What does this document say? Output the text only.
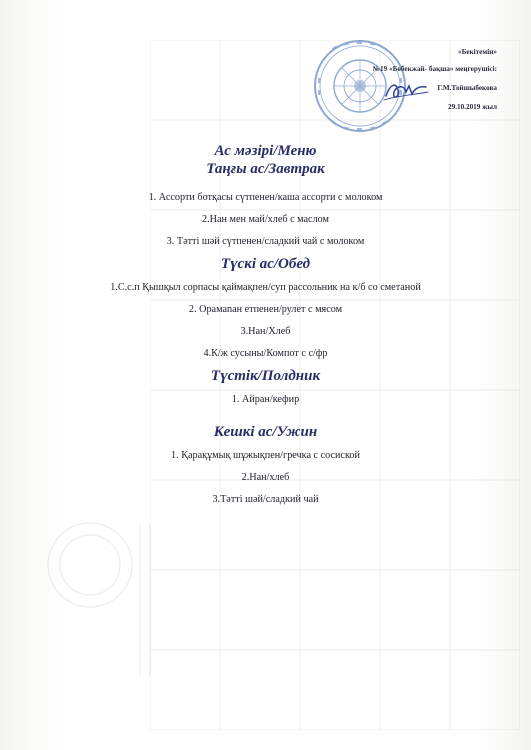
«Бекітемін»
№19 «Бөбекжай- бақша» меңгерушісі:
Г.М.Тойшыбекова
29.10.2019 жыл
Ас мәзірі/Меню
Таңғы ас/Завтрак
1. Ассорти ботқасы сүтпенен/каша ассорти с молоком
2.Нан мен май/хлеб с маслом
3. Тәтті шәй сүтпенен/сладкий чай с молоком
Түскі ас/Обед
1.С.с.п Қышқыл сорпасы қаймақпен/суп рассольник на к/б со сметаной
2. Орамаnан етпенен/рулет с мясом
3.Нан/Хлеб
4.К/ж сусыны/Компот с с/фр
Түстік/Полдник
1. Айран/кефир
Кешкі ас/Ужин
1. Қарақұмық шұжықпен/гречка с сосиской
2.Нан/хлеб
3.Тәтті шәй/сладкий чай
